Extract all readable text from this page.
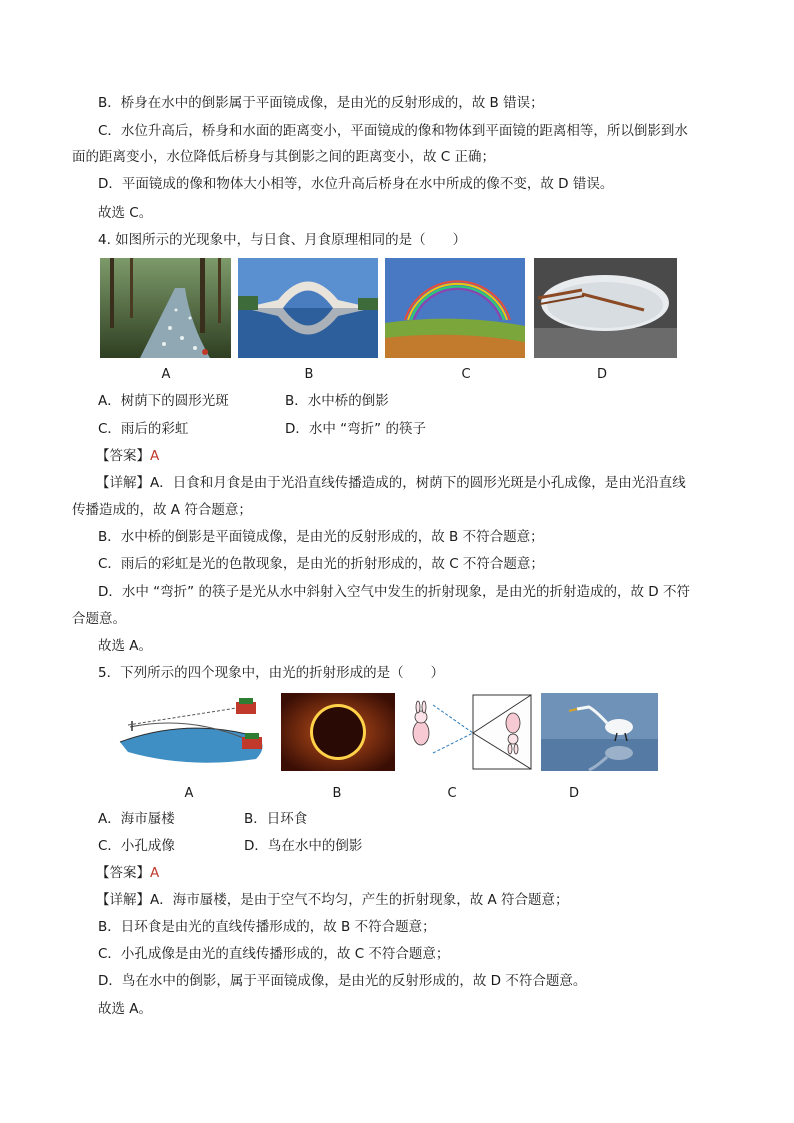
B．桥身在水中的倒影属于平面镜成像，是由光的反射形成的，故 B 错误；
C．水位升高后，桥身和水面的距离变小，平面镜成的像和物体到平面镜的距离相等，所以倒影到水
面的距离变小，水位降低后桥身与其倒影之间的距离变小，故 C 正确；
D．平面镜成的像和物体大小相等，水位升高后桥身在水中所成的像不变，故 D 错误。
故选 C。
4. 如图所示的光现象中，与日食、月食原理相同的是（　　）
A	B	C	D
A．树荫下的圆形光斑	B．水中桥的倒影
C．雨后的彩虹	D．水中 “弯折” 的筷子
【答案】A
【详解】A．日食和月食是由于光沿直线传播造成的，树荫下的圆形光斑是小孔成像，是由光沿直线
传播造成的，故 A 符合题意；
B．水中桥的倒影是平面镜成像，是由光的反射形成的，故 B 不符合题意；
C．雨后的彩虹是光的色散现象，是由光的折射形成的，故 C 不符合题意；
D．水中 “弯折” 的筷子是光从水中斜射入空气中发生的折射现象，是由光的折射造成的，故 D 不符
合题意。
故选 A。
5．下列所示的四个现象中，由光的折射形成的是（　　）
A	B	C	D
A．海市蜃楼	B．日环食
C．小孔成像	D．鸟在水中的倒影
【答案】A
【详解】A．海市蜃楼，是由于空气不均匀，产生的折射现象，故 A 符合题意；
B．日环食是由光的直线传播形成的，故 B 不符合题意；
C．小孔成像是由光的直线传播形成的，故 C 不符合题意；
D．鸟在水中的倒影，属于平面镜成像，是由光的反射形成的，故 D 不符合题意。
故选 A。
